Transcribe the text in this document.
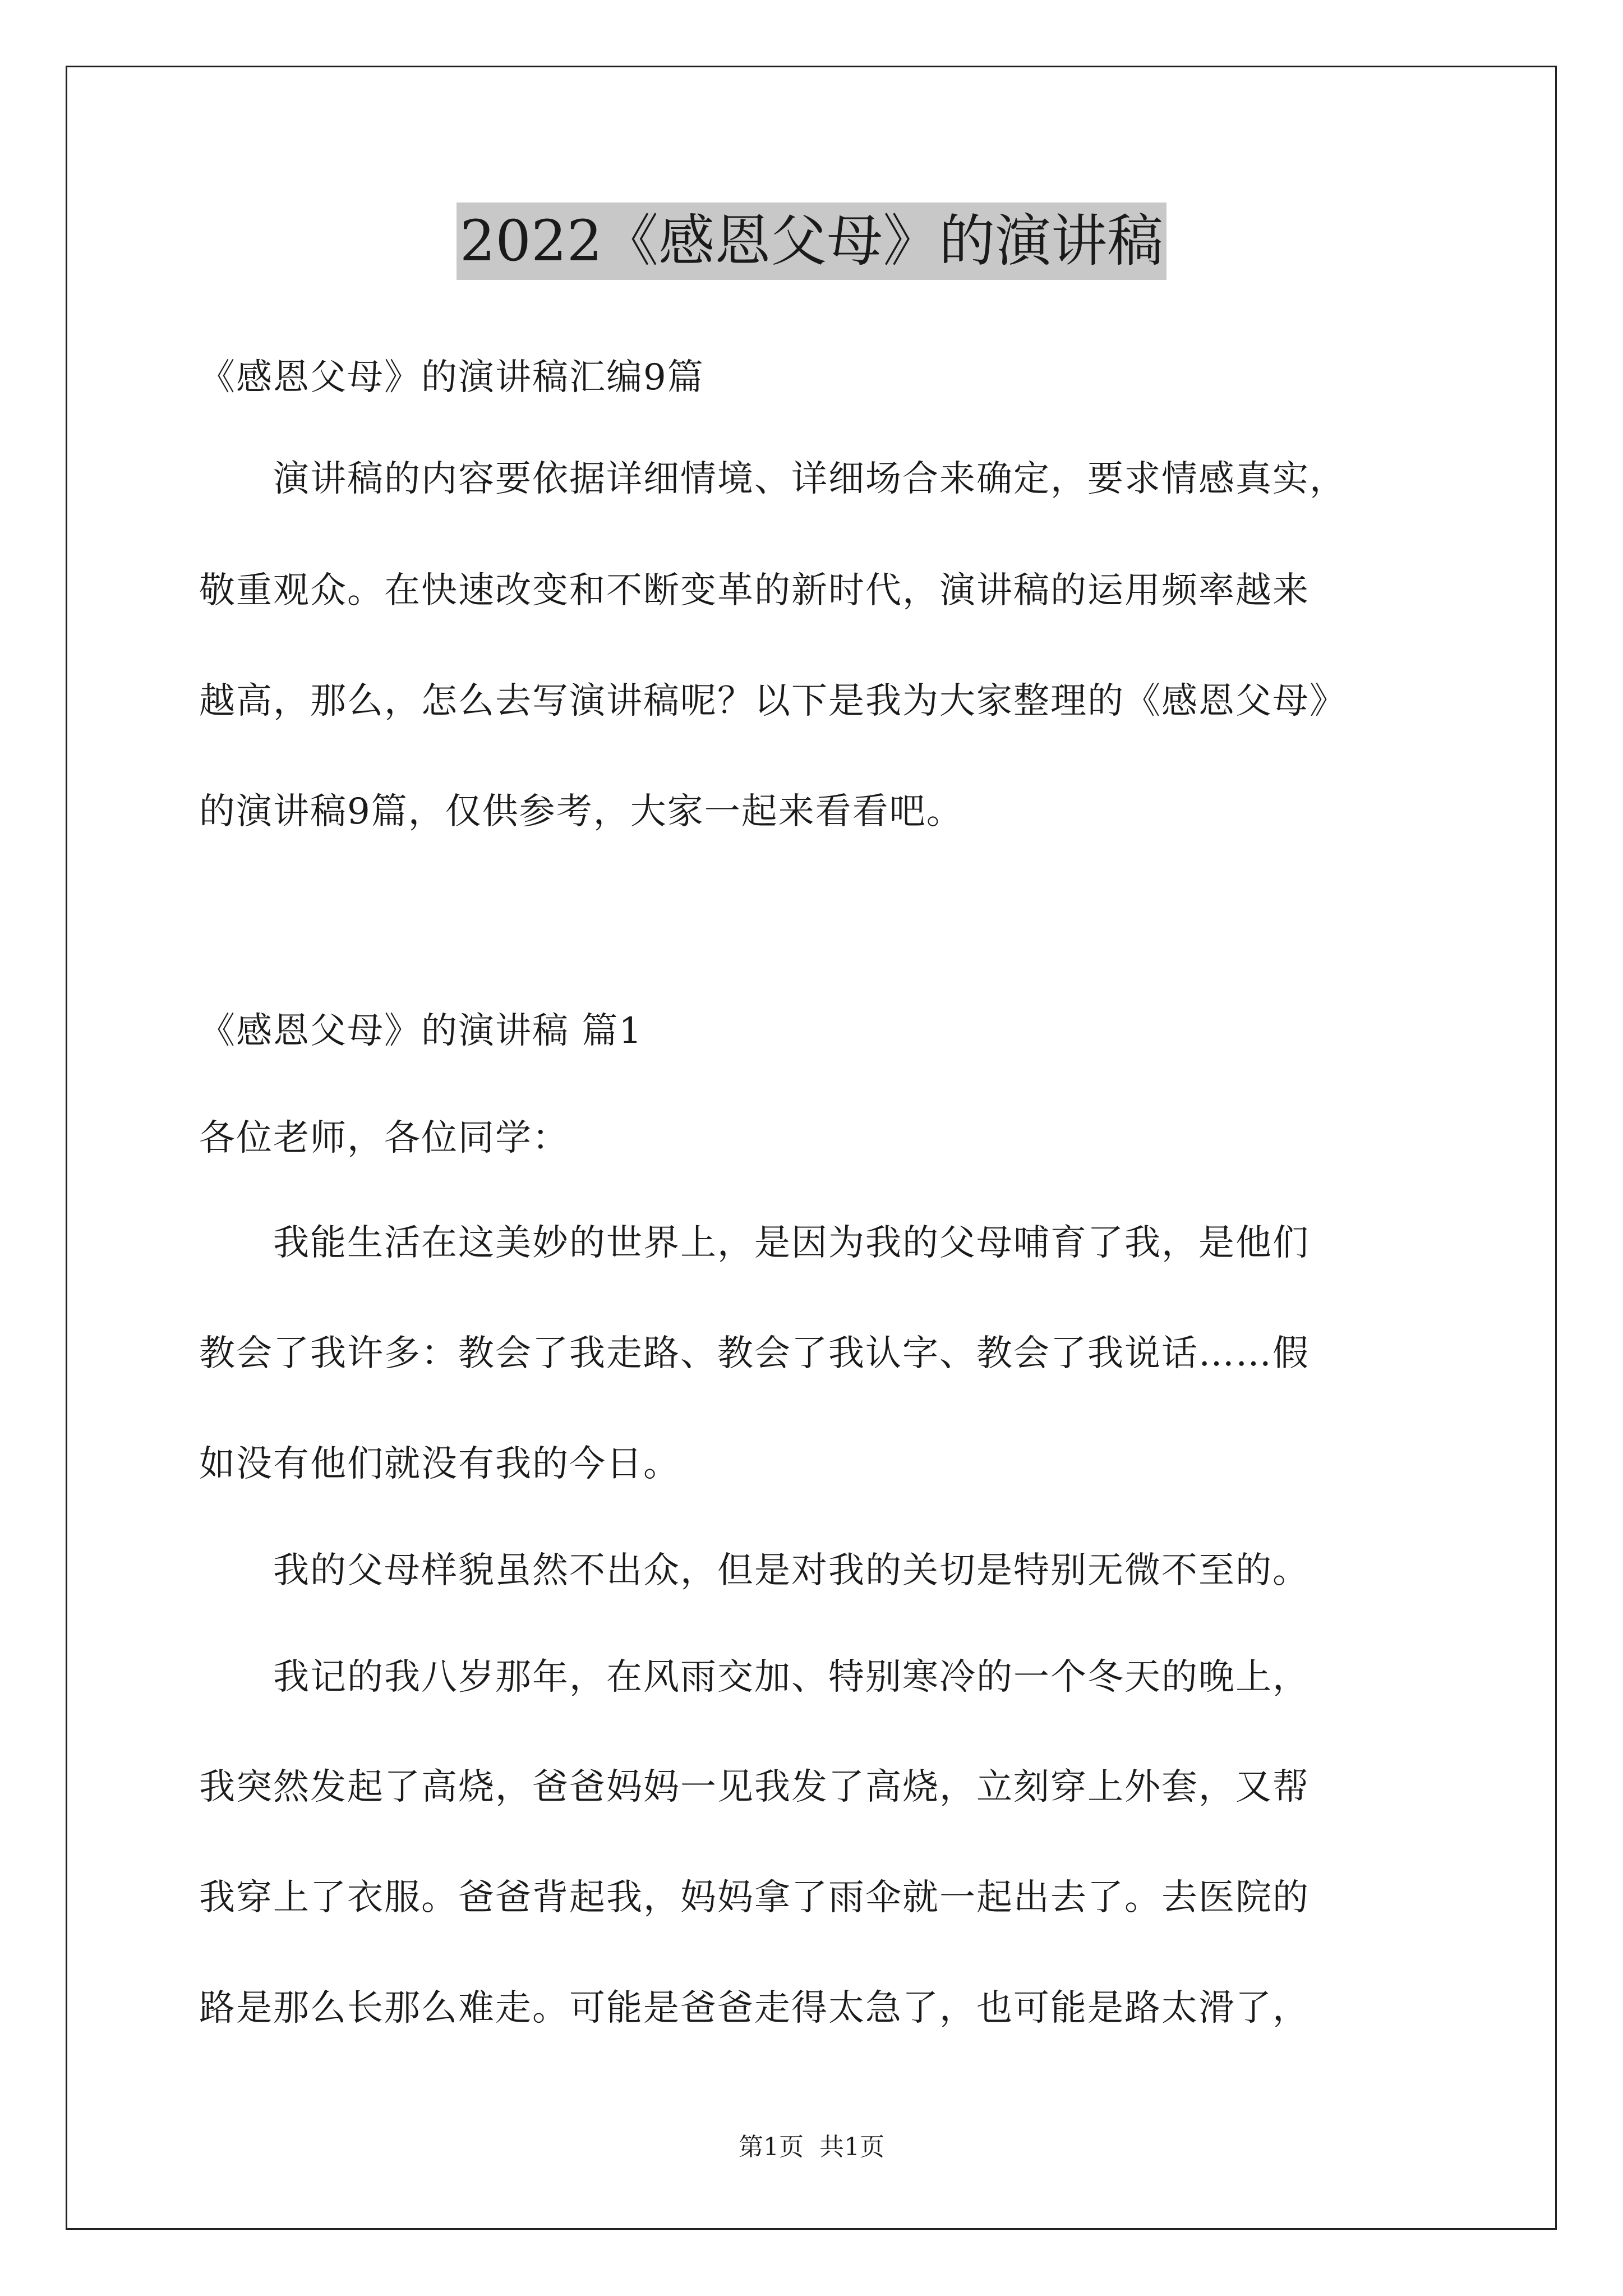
2022《感恩父母》的演讲稿
《感恩父母》的演讲稿汇编9篇
　　演讲稿的内容要依据详细情境、详细场合来确定，要求情感真实，
敬重观众。在快速改变和不断变革的新时代，演讲稿的运用频率越来
越高，那么，怎么去写演讲稿呢？以下是我为大家整理的《感恩父母》
的演讲稿9篇，仅供参考，大家一起来看看吧。
《感恩父母》的演讲稿 篇1
各位老师，各位同学：
　　我能生活在这美妙的世界上，是因为我的父母哺育了我，是他们
教会了我许多：教会了我走路、教会了我认字、教会了我说话……假
如没有他们就没有我的今日。
　　我的父母样貌虽然不出众，但是对我的关切是特别无微不至的。
　　我记的我八岁那年，在风雨交加、特别寒冷的一个冬天的晚上，
我突然发起了高烧，爸爸妈妈一见我发了高烧，立刻穿上外套，又帮
我穿上了衣服。爸爸背起我，妈妈拿了雨伞就一起出去了。去医院的
路是那么长那么难走。可能是爸爸走得太急了，也可能是路太滑了，
第1页 共1页
